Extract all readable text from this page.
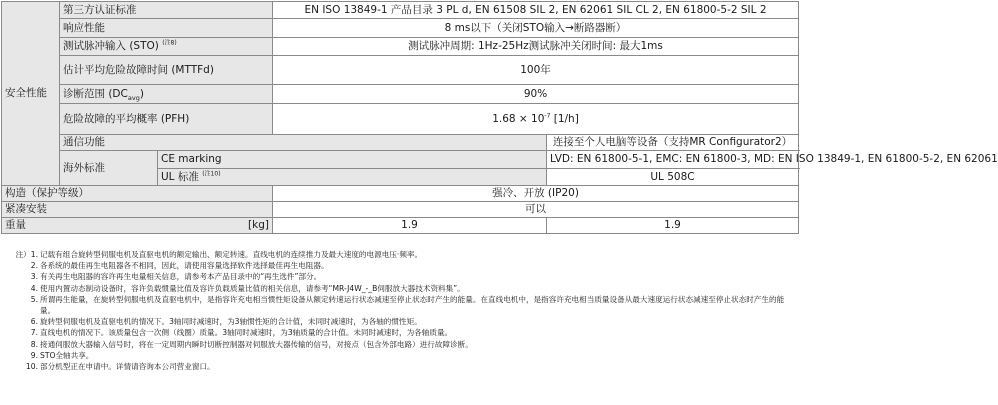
安全性能	第三方认证标准		EN ISO 13849-1 产品目录 3 PL d, EN 61508 SIL 2, EN 62061 SIL CL 2, EN 61800-5-2 SIL 2	
	响应性能		8 ms以下（关闭STO输入→断路器断）	
	测试脉冲输入 (STO) $^{(注8)}$		测试脉冲周期: 1Hz-25Hz测试脉冲关闭时间: 最大1ms	
	估计平均危险故障时间 (MTTFd)		100年	
	诊断范围 $(DC_{avg})$		90%	
	危险故障的平均概率 (PFH)		$1.68 \times 10^{-7}$ [1/h]	
	通信功能			连接至个人电脑等设备（支持MR Configurator2）
	海外标准	CE marking		LVD: EN 61800-5-1, EMC: EN 61800-3, MD: EN ISO 13849-1, EN 61800-5-2, EN 62061
		UL 标准 $^{(注10)}$		UL 508C
构造（保护等级）			强冷、开放 (IP20)	
紧凑安装			可以	
重量 [kg]			1.9	1.9
注）1. 记载有组合旋转型伺服电机及直驱电机的额定输出、额定转速。直线电机的连续推力及最大速度的电源电压·频率。
2. 各系统的最佳再生电阻器各不相同，因此，请使用容量选择软件选择最佳再生电阻器。
3. 有关再生电阻器的容许再生电量相关信息，请参考本产品目录中的“再生选件”部分。
4. 使用内置动态制动设备时，容许负载惯量比值及容许负载质量比值的相关信息，请参考“MR-J4W_-_B伺服放大器技术资料集”。
5. 所谓再生能量，在旋转型伺服电机及直驱电机中，是指容许充电相当惯性矩设备从额定转速运行状态减速至停止状态时产生的能量。在直线电机中，是指容许充电相当质量设备从最大速度运行状态减速至停止状态时产生的能量。
6. 旋转型伺服电机及直驱电机的情况下。3轴同时减速时，为3轴惯性矩的合计值，未同时减速时，为各轴的惯性矩。
7. 直线电机的情况下。该质量包含一次侧（线圈）质量。3轴同时减速时，为3轴质量的合计值。未同时减速时，为各轴质量。
8. 接通伺服放大器输入信号时，将在一定周期内瞬时切断控制器对伺服放大器传输的信号，对接点（包含外部电路）进行故障诊断。
9. STO全轴共享。
10. 部分机型正在申请中。详情请咨询本公司营业窗口。
